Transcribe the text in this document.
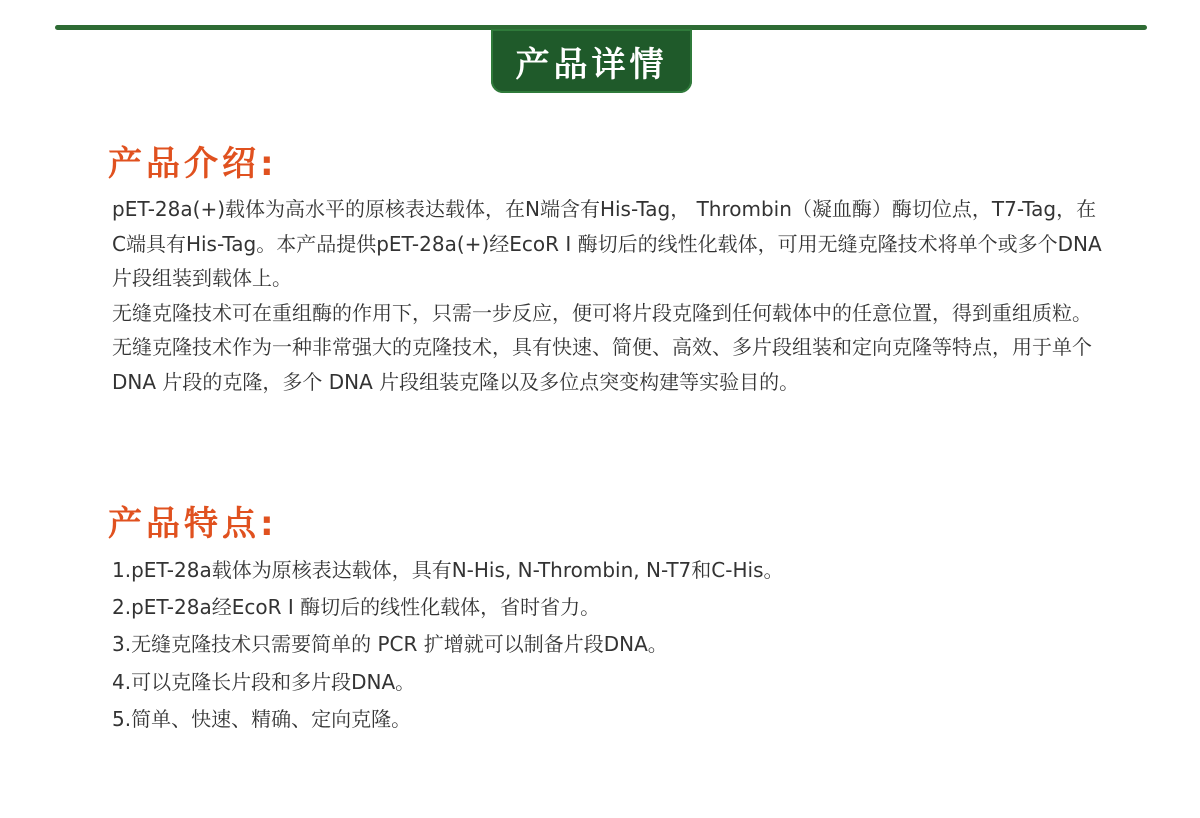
产品详情
产品介绍:

pET-28a(+)载体为高水平的原核表达载体，在N端含有His-Tag， Thrombin（凝血酶）酶切位点，T7-Tag，在C端具有His-Tag。本产品提供pET-28a(+)经EcoR I 酶切后的线性化载体，可用无缝克隆技术将单个或多个DNA片段组装到载体上。

无缝克隆技术可在重组酶的作用下，只需一步反应，便可将片段克隆到任何载体中的任意位置，得到重组质粒。无缝克隆技术作为一种非常强大的克隆技术，具有快速、简便、高效、多片段组装和定向克隆等特点，用于单个 DNA 片段的克隆，多个 DNA 片段组装克隆以及多位点突变构建等实验目的。

产品特点:
1.pET-28a载体为原核表达载体，具有N-His, N-Thrombin, N-T7和C-His。
2.pET-28a经EcoR I 酶切后的线性化载体，省时省力。
3.无缝克隆技术只需要简单的 PCR 扩增就可以制备片段DNA。
4.可以克隆长片段和多片段DNA。
5.简单、快速、精确、定向克隆。
